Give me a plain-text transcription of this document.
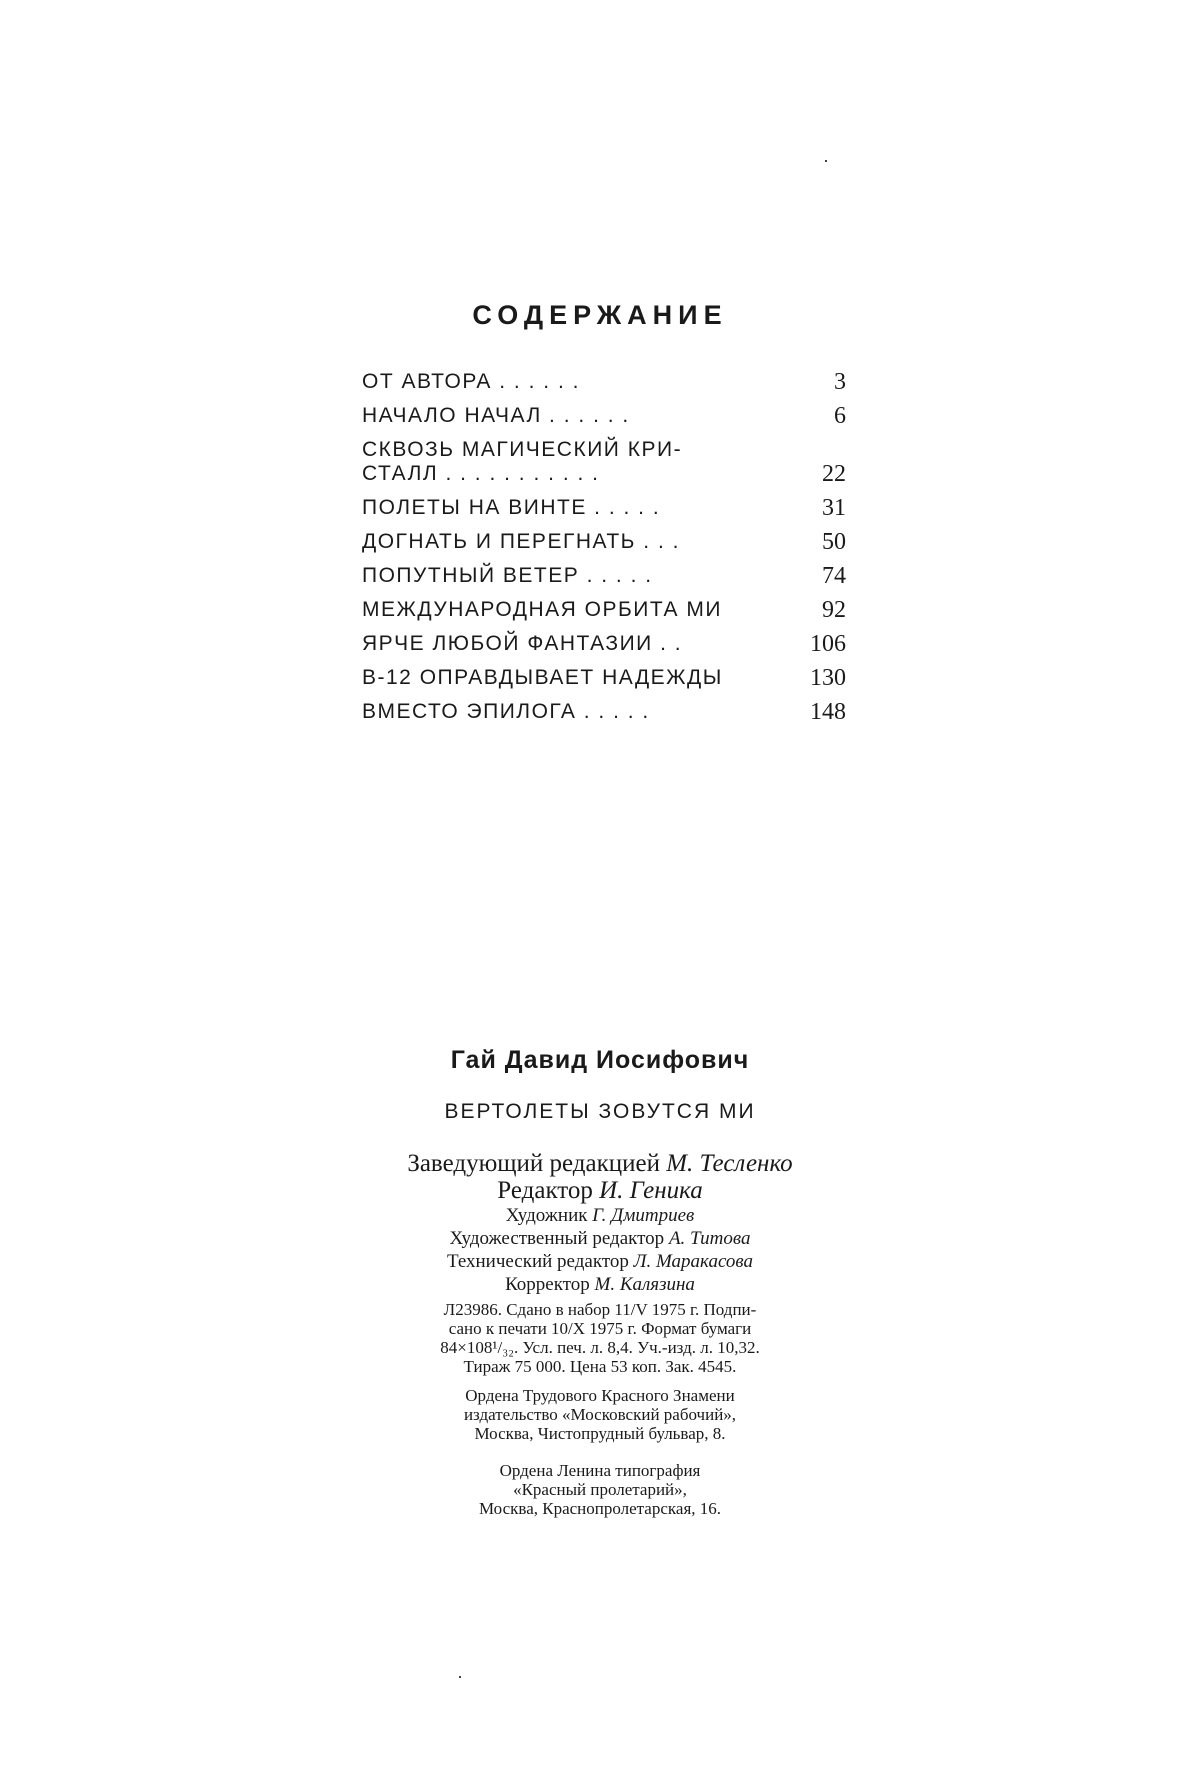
СОДЕРЖАНИЕ
ОТ АВТОРА . . . . . .	3
НАЧАЛО НАЧАЛ . . . . . .	6
СКВОЗЬ МАГИЧЕСКИЙ КРИ-
СТАЛЛ . . . . . . . . . . .	22
ПОЛЕТЫ НА ВИНТЕ . . . . .	31
ДОГНАТЬ И ПЕРЕГНАТЬ . . .	50
ПОПУТНЫЙ ВЕТЕР . . . . .	74
МЕЖДУНАРОДНАЯ ОРБИТА МИ	92
ЯРЧЕ ЛЮБОЙ ФАНТАЗИИ . .	106
В-12 ОПРАВДЫВАЕТ НАДЕЖДЫ	130
ВМЕСТО ЭПИЛОГА . . . . .	148
Гай Давид Иосифович
ВЕРТОЛЕТЫ ЗОВУТСЯ МИ
Заведующий редакцией М. Тесленко
Редактор И. Геника
Художник Г. Дмитриев
Художественный редактор А. Титова
Технический редактор Л. Маракасова
Корректор М. Калязина
Л23986. Сдано в набор 11/V 1975 г. Подпи-
сано к печати 10/X 1975 г. Формат бумаги
84×108¹/₃₂. Усл. печ. л. 8,4. Уч.-изд. л. 10,32.
Тираж 75 000. Цена 53 коп. Зак. 4545.
Ордена Трудового Красного Знамени
издательство «Московский рабочий»,
Москва, Чистопрудный бульвар, 8.
Ордена Ленина типография
«Красный пролетарий»,
Москва, Краснопролетарская, 16.
